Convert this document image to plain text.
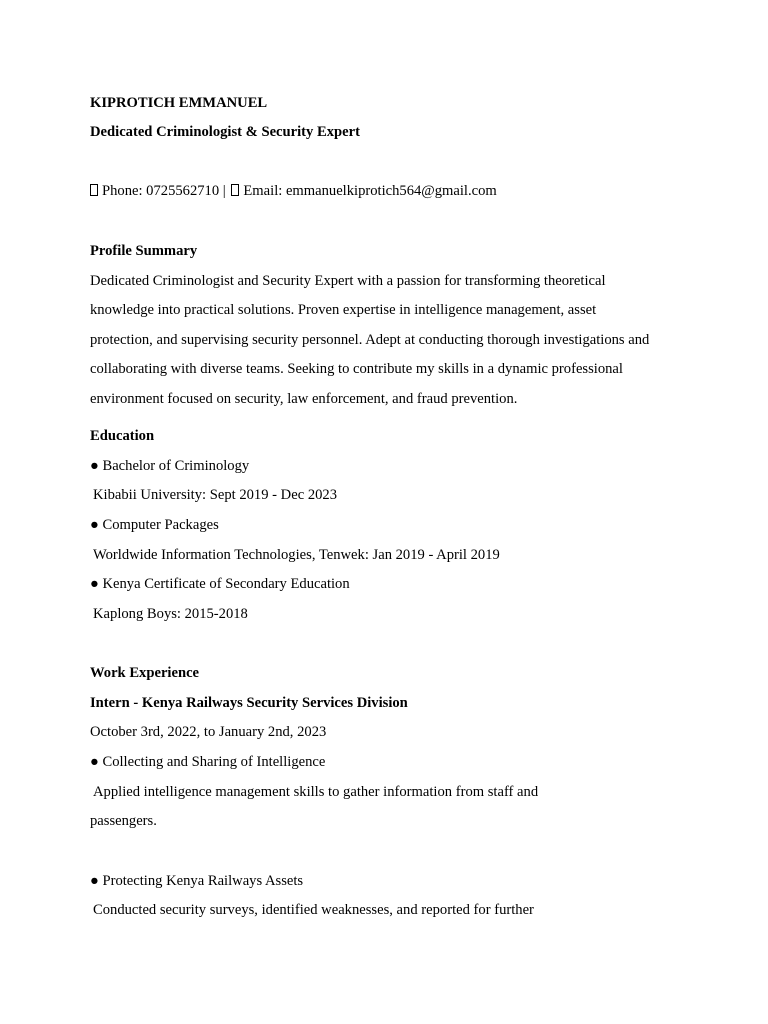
KIPROTICH EMMANUEL
Dedicated Criminologist & Security Expert
Phone: 0725562710 | Email: emmanuelkiprotich564@gmail.com
Profile Summary
Dedicated Criminologist and Security Expert with a passion for transforming theoretical
knowledge into practical solutions. Proven expertise in intelligence management, asset
protection, and supervising security personnel. Adept at conducting thorough investigations and
collaborating with diverse teams. Seeking to contribute my skills in a dynamic professional
environment focused on security, law enforcement, and fraud prevention.
Education
● Bachelor of Criminology
Kibabii University: Sept 2019 - Dec 2023
● Computer Packages
Worldwide Information Technologies, Tenwek: Jan 2019 - April 2019
● Kenya Certificate of Secondary Education
Kaplong Boys: 2015-2018
Work Experience
Intern - Kenya Railways Security Services Division
October 3rd, 2022, to January 2nd, 2023
● Collecting and Sharing of Intelligence
Applied intelligence management skills to gather information from staff and
passengers.
● Protecting Kenya Railways Assets
Conducted security surveys, identified weaknesses, and reported for further
